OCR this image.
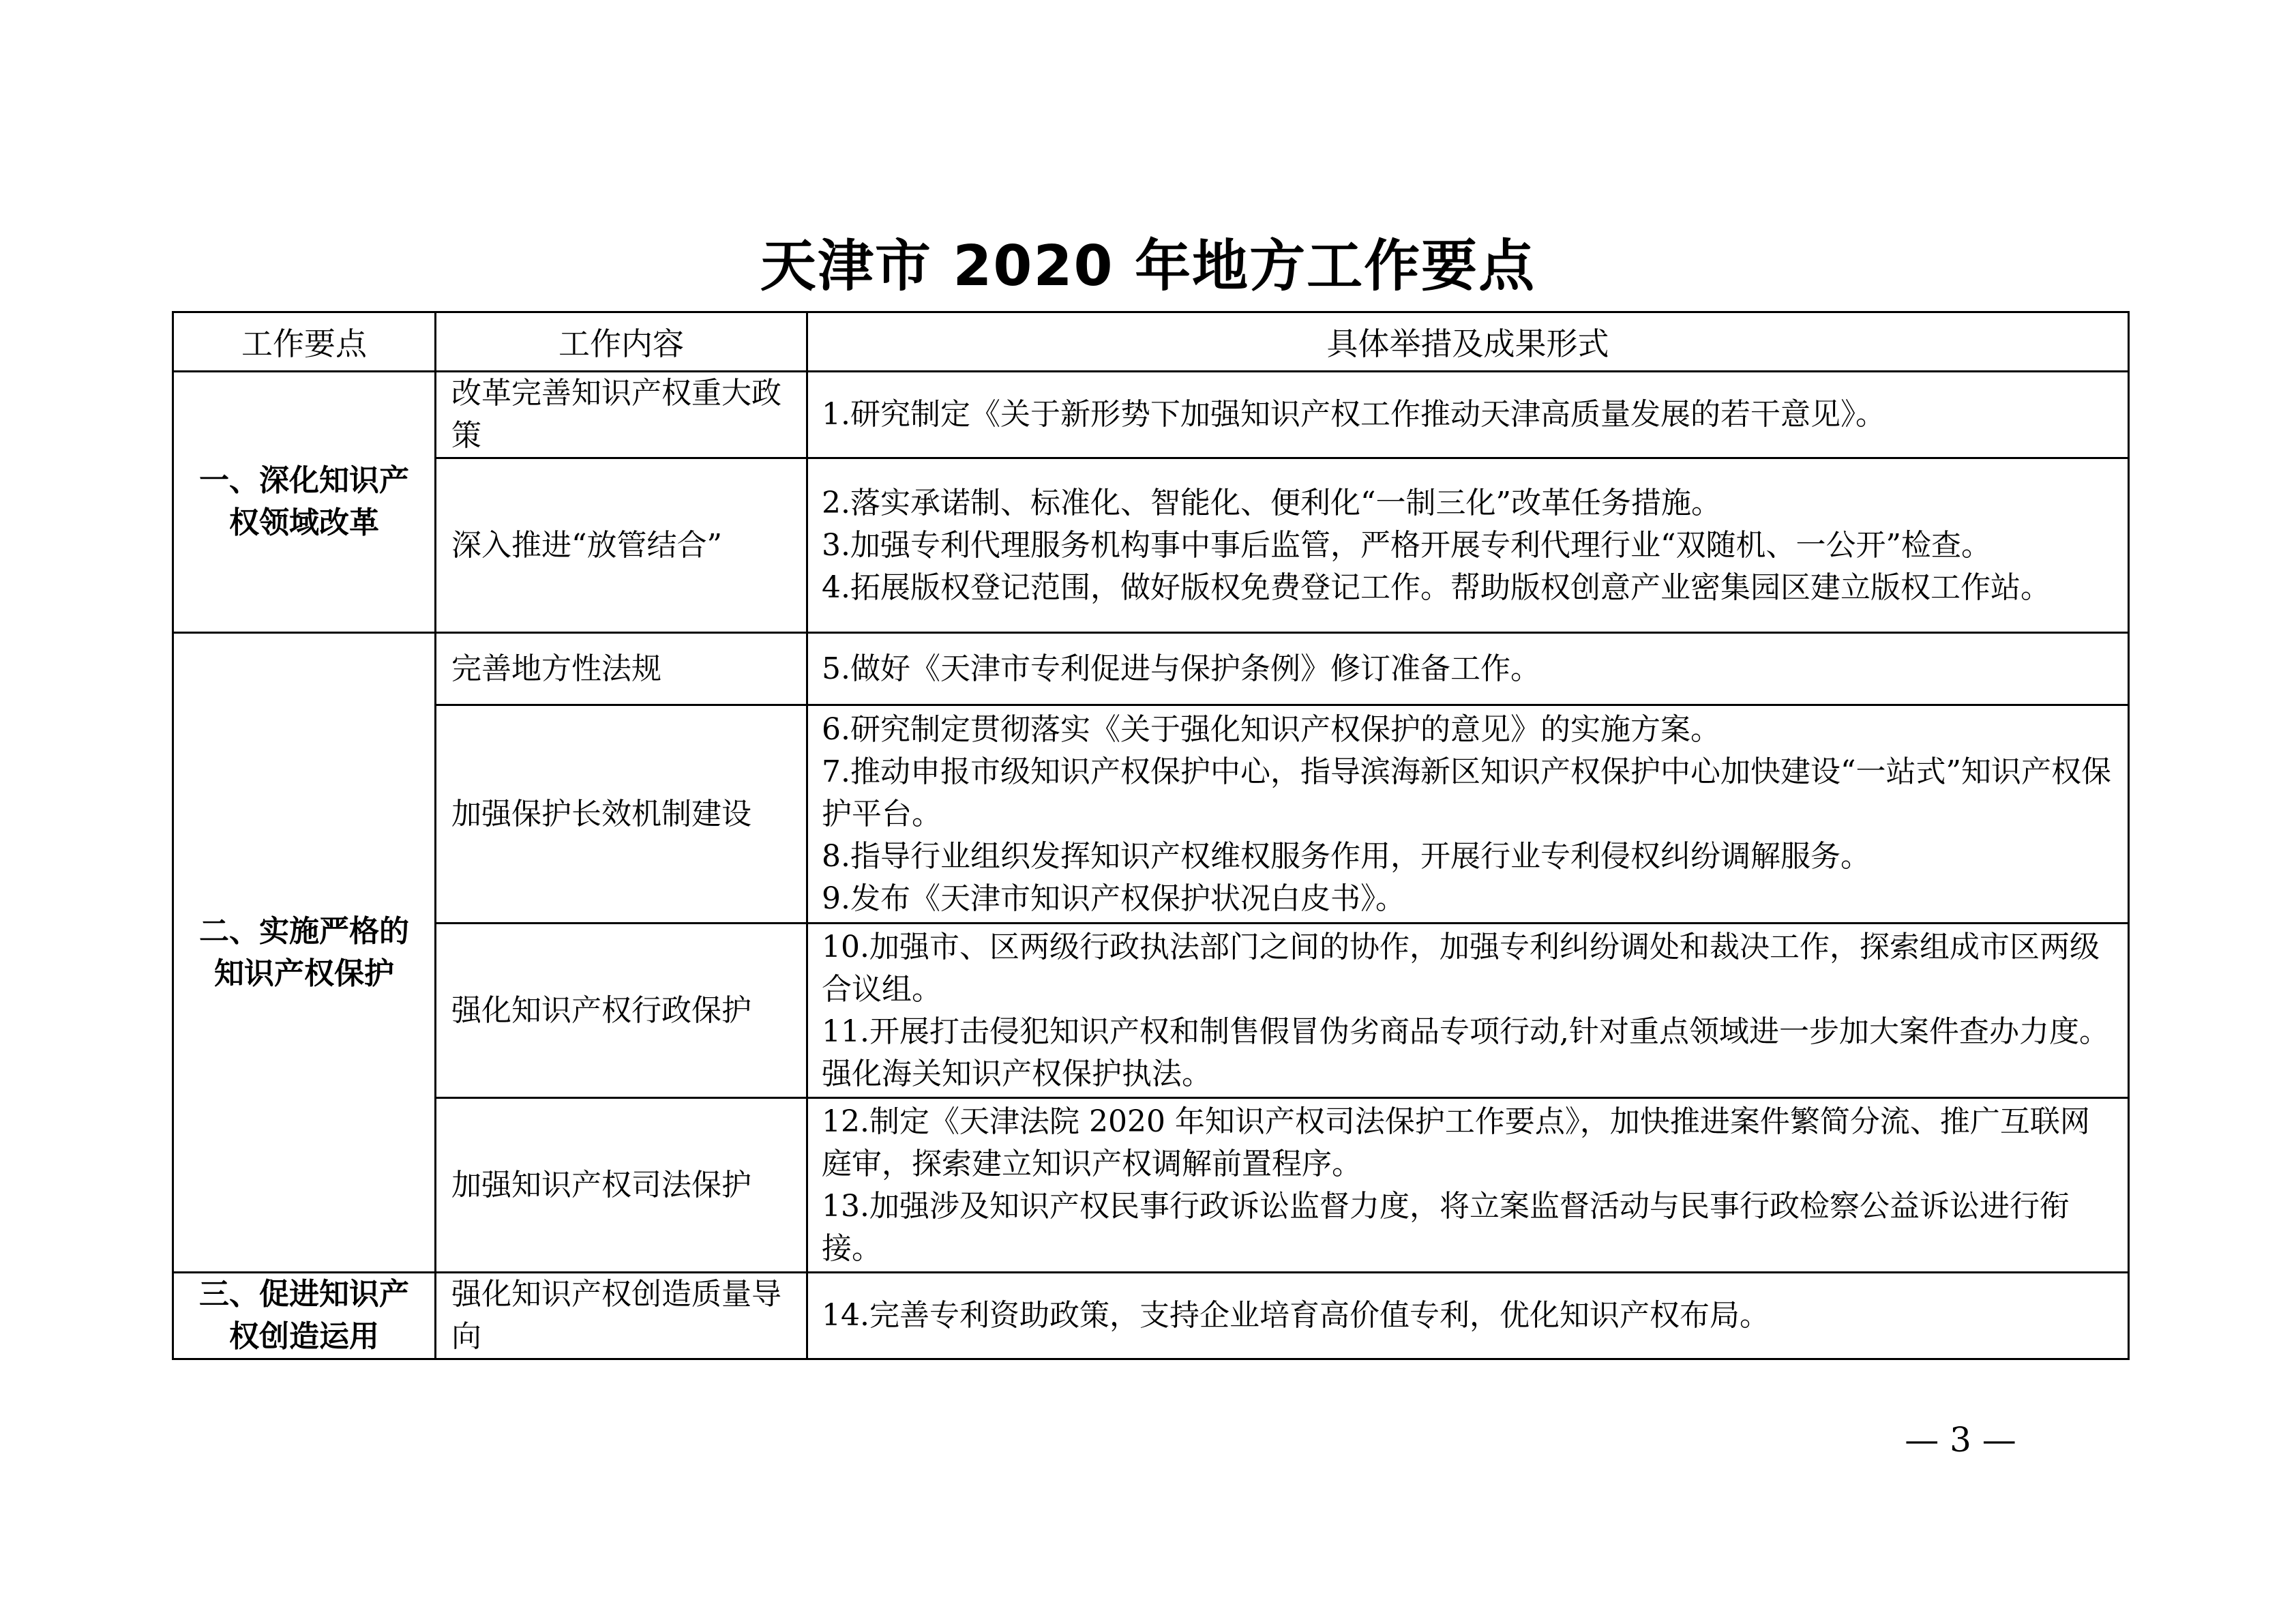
天津市 2020 年地方工作要点
工作要点	工作内容	具体举措及成果形式
一、深化知识产权领域改革	改革完善知识产权重大政策	1.研究制定《关于新形势下加强知识产权工作推动天津高质量发展的若干意见》。

	深入推进“放管结合”	2.落实承诺制、标准化、智能化、便利化“一制三化”改革任务措施。
3.加强专利代理服务机构事中事后监管，严格开展专利代理行业“双随机、一公开”检查。
4.拓展版权登记范围，做好版权免费登记工作。帮助版权创意产业密集园区建立版权工作站。

二、实施严格的知识产权保护	完善地方性法规	5.做好《天津市专利促进与保护条例》修订准备工作。

	加强保护长效机制建设	6.研究制定贯彻落实《关于强化知识产权保护的意见》的实施方案。
7.推动申报市级知识产权保护中心，指导滨海新区知识产权保护中心加快建设“一站式”知识产权保护平台。
8.指导行业组织发挥知识产权维权服务作用，开展行业专利侵权纠纷调解服务。
9.发布《天津市知识产权保护状况白皮书》。

	强化知识产权行政保护	10.加强市、区两级行政执法部门之间的协作，加强专利纠纷调处和裁决工作，探索组成市区两级合议组。
11.开展打击侵犯知识产权和制售假冒伪劣商品专项行动,针对重点领域进一步加大案件查办力度。强化海关知识产权保护执法。

	加强知识产权司法保护	12.制定《天津法院 2020 年知识产权司法保护工作要点》，加快推进案件繁简分流、推广互联网庭审，探索建立知识产权调解前置程序。
13.加强涉及知识产权民事行政诉讼监督力度，将立案监督活动与民事行政检察公益诉讼进行衔接。

三、促进知识产权创造运用	强化知识产权创造质量导向	14.完善专利资助政策，支持企业培育高价值专利，优化知识产权布局。
— 3 —
